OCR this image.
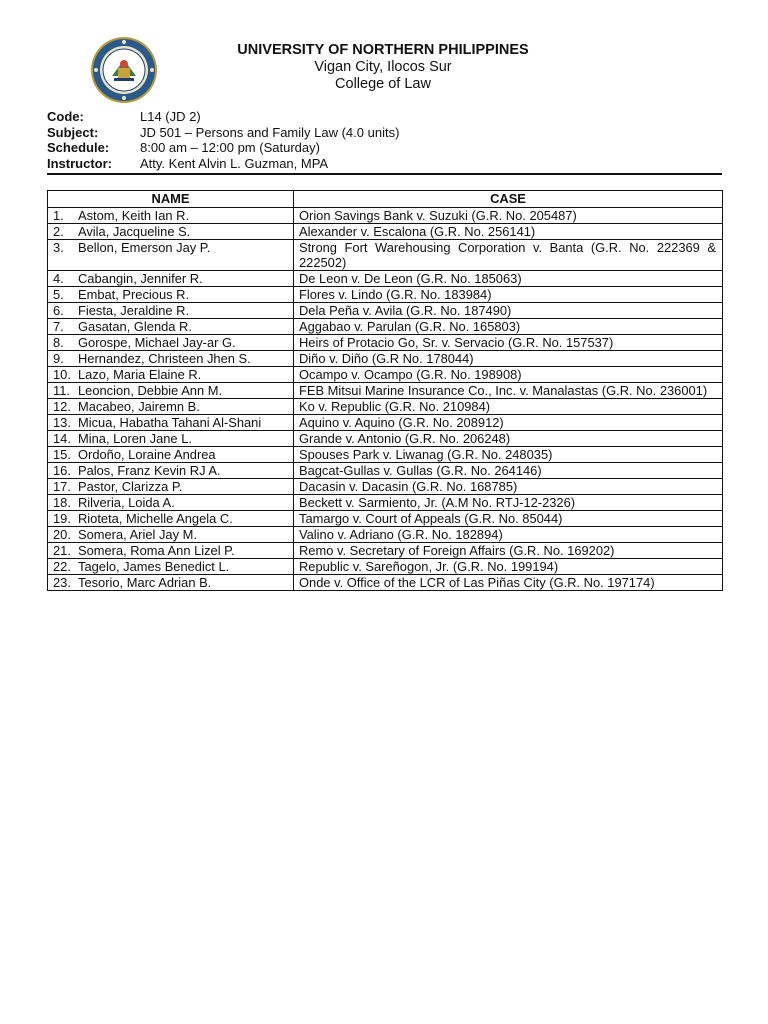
UNIVERSITY OF NORTHERN PHILIPPINES
Vigan City, Ilocos Sur
College of Law
Code:	L14 (JD 2)
Subject:	JD 501 – Persons and Family Law (4.0 units)
Schedule:	8:00 am – 12:00 pm (Saturday)
Instructor:	Atty. Kent Alvin L. Guzman, MPA
NAME	CASE
1. Astom, Keith Ian R.	Orion Savings Bank v. Suzuki (G.R. No. 205487)
2. Avila, Jacqueline S.	Alexander v. Escalona (G.R. No. 256141)
3. Bellon, Emerson Jay P.	Strong Fort Warehousing Corporation v. Banta (G.R. No. 222369 & 222502)
4. Cabangin, Jennifer R.	De Leon v. De Leon (G.R. No. 185063)
5. Embat, Precious R.	Flores v. Lindo (G.R. No. 183984)
6. Fiesta, Jeraldine R.	Dela Peña v. Avila (G.R. No. 187490)
7. Gasatan, Glenda R.	Aggabao v. Parulan (G.R. No. 165803)
8. Gorospe, Michael Jay-ar G.	Heirs of Protacio Go, Sr. v. Servacio (G.R. No. 157537)
9. Hernandez, Christeen Jhen S.	Diño v. Diño (G.R No. 178044)
10. Lazo, Maria Elaine R.	Ocampo v. Ocampo (G.R. No. 198908)
11. Leoncion, Debbie Ann M.	FEB Mitsui Marine Insurance Co., Inc. v. Manalastas (G.R. No. 236001)
12. Macabeo, Jairemn B.	Ko v. Republic (G.R. No. 210984)
13. Micua, Habatha Tahani Al-Shani	Aquino v. Aquino (G.R. No. 208912)
14. Mina, Loren Jane L.	Grande v. Antonio (G.R. No. 206248)
15. Ordoño, Loraine Andrea	Spouses Park v. Liwanag (G.R. No. 248035)
16. Palos, Franz Kevin RJ A.	Bagcat-Gullas v. Gullas (G.R. No. 264146)
17. Pastor, Clarizza P.	Dacasin v. Dacasin (G.R. No. 168785)
18. Rilveria, Loida A.	Beckett v. Sarmiento, Jr. (A.M No. RTJ-12-2326)
19. Rioteta, Michelle Angela C.	Tamargo v. Court of Appeals (G.R. No. 85044)
20. Somera, Ariel Jay M.	Valino v. Adriano (G.R. No. 182894)
21. Somera, Roma Ann Lizel P.	Remo v. Secretary of Foreign Affairs (G.R. No. 169202)
22. Tagelo, James Benedict L.	Republic v. Sareñogon, Jr. (G.R. No. 199194)
23. Tesorio, Marc Adrian B.	Onde v. Office of the LCR of Las Piñas City (G.R. No. 197174)
